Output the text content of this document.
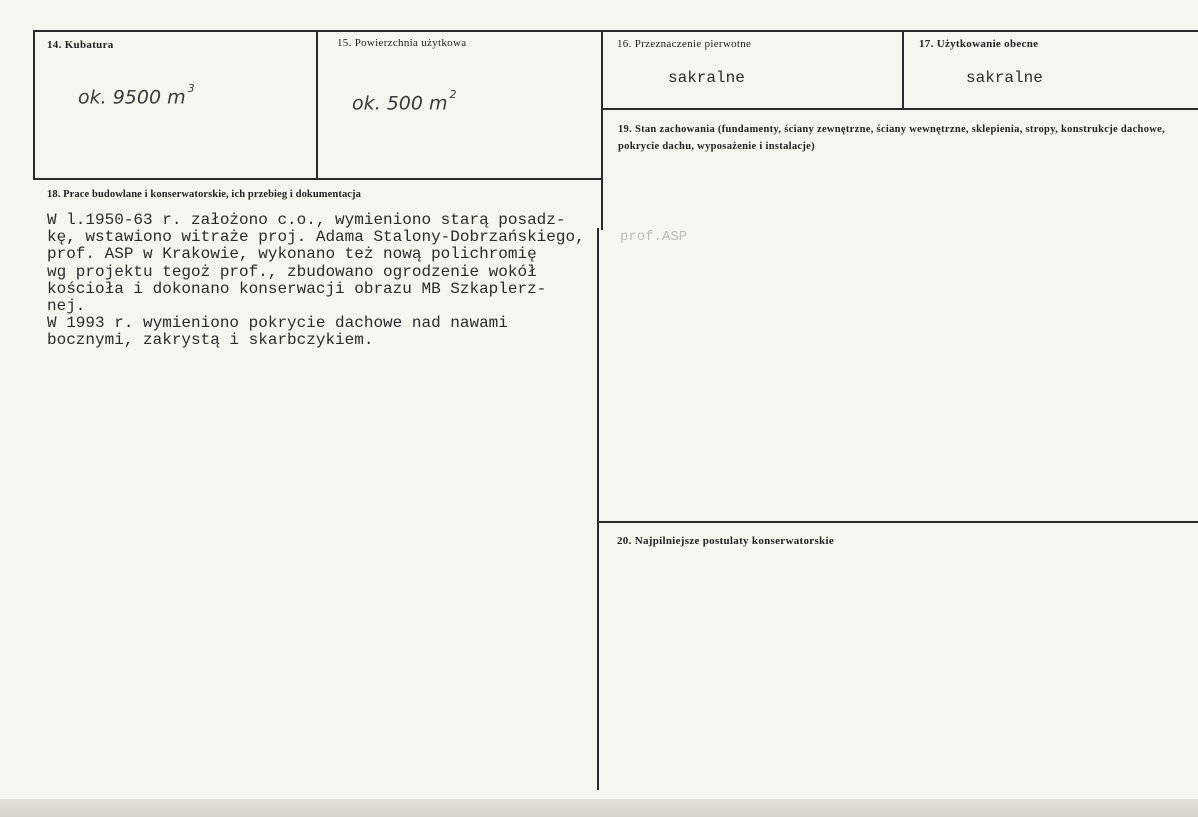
14. Kubatura
ok. 9500 m $^3$
15. Powierzchnia użytkowa
ok. 500 m $^2$
16. Przeznaczenie pierwotne
sakralne
17. Użytkowanie obecne
sakralne
18. Prace budowlane i konserwatorskie, ich przebieg i dokumentacja
W l.1950-63 r. założono c.o., wymieniono starą posadz-
kę, wstawiono witraże proj. Adama Stalony-Dobrzańskiego,
prof. ASP w Krakowie, wykonano też nową polichromię
wg projektu tegoż prof., zbudowano ogrodzenie wokół
kościoła i dokonano konserwacji obrazu MB Szkaplerz-
nej.
W 1993 r. wymieniono pokrycie dachowe nad nawami
bocznymi, zakrystą i skarbczykiem.
prof.ASP
19. Stan zachowania (fundamenty, ściany zewnętrzne, ściany wewnętrzne, sklepienia, stropy, konstrukcje dachowe, pokrycie dachu, wyposażenie i instalacje)
20. Najpilniejsze postulaty konserwatorskie
